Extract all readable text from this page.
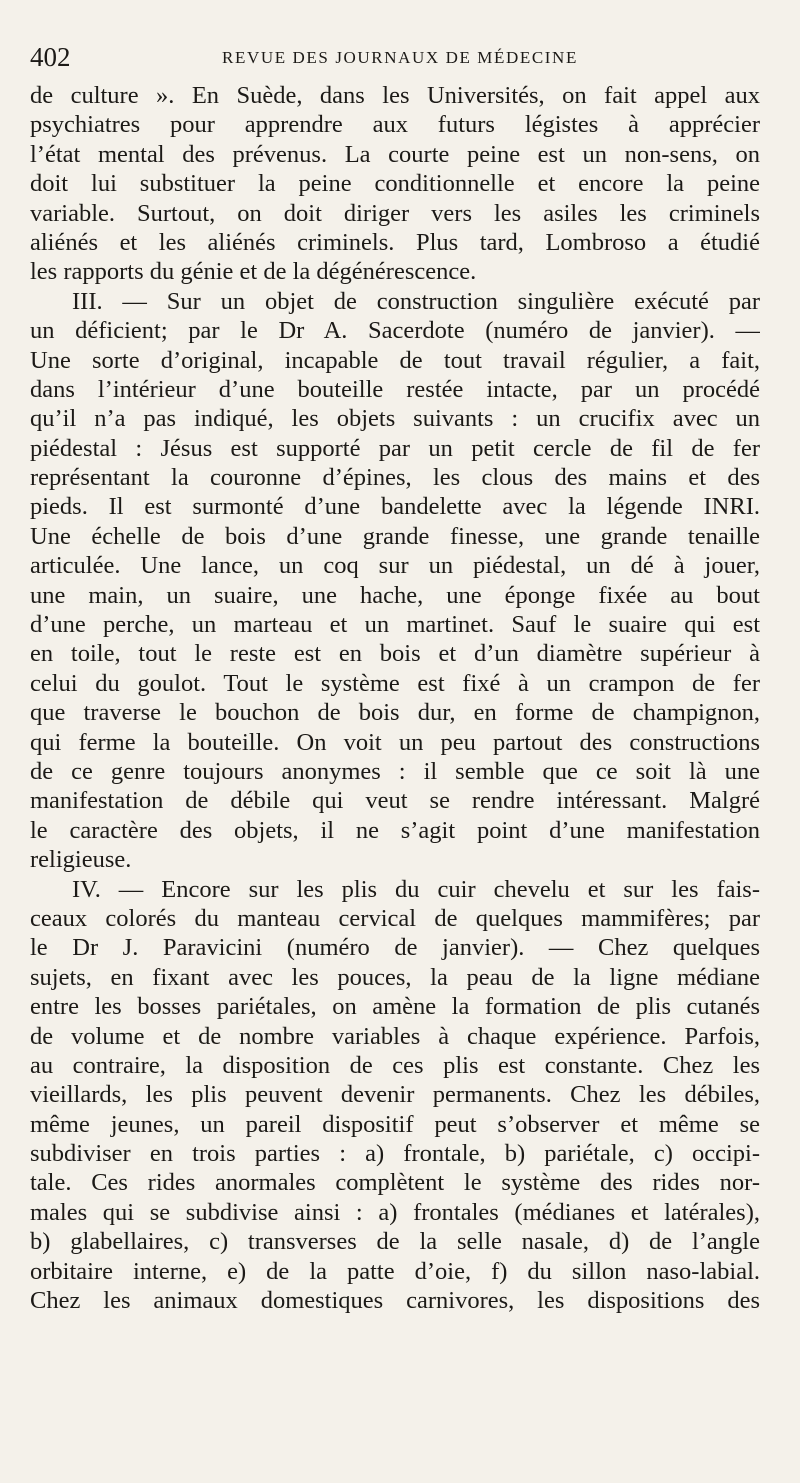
402	REVUE DES JOURNAUX DE MÉDECINE
de culture ». En Suède, dans les Universités, on fait appel aux
psychiatres pour apprendre aux futurs légistes à apprécier
l’état mental des prévenus. La courte peine est un non-sens, on
doit lui substituer la peine conditionnelle et encore la peine
variable. Surtout, on doit diriger vers les asiles les criminels
aliénés et les aliénés criminels. Plus tard, Lombroso a étudié
les rapports du génie et de la dégénérescence.
III. — Sur un objet de construction singulière exécuté par
un déficient; par le Dr A. Sacerdote (numéro de janvier). —
Une sorte d’original, incapable de tout travail régulier, a fait,
dans l’intérieur d’une bouteille restée intacte, par un procédé
qu’il n’a pas indiqué, les objets suivants : un crucifix avec un
piédestal : Jésus est supporté par un petit cercle de fil de fer
représentant la couronne d’épines, les clous des mains et des
pieds. Il est surmonté d’une bandelette avec la légende INRI.
Une échelle de bois d’une grande finesse, une grande tenaille
articulée. Une lance, un coq sur un piédestal, un dé à jouer,
une main, un suaire, une hache, une éponge fixée au bout
d’une perche, un marteau et un martinet. Sauf le suaire qui est
en toile, tout le reste est en bois et d’un diamètre supérieur à
celui du goulot. Tout le système est fixé à un crampon de fer
que traverse le bouchon de bois dur, en forme de champignon,
qui ferme la bouteille. On voit un peu partout des constructions
de ce genre toujours anonymes : il semble que ce soit là une
manifestation de débile qui veut se rendre intéressant. Malgré
le caractère des objets, il ne s’agit point d’une manifestation
religieuse.
IV. — Encore sur les plis du cuir chevelu et sur les fais-
ceaux colorés du manteau cervical de quelques mammifères; par
le Dr J. Paravicini (numéro de janvier). — Chez quelques
sujets, en fixant avec les pouces, la peau de la ligne médiane
entre les bosses pariétales, on amène la formation de plis cutanés
de volume et de nombre variables à chaque expérience. Parfois,
au contraire, la disposition de ces plis est constante. Chez les
vieillards, les plis peuvent devenir permanents. Chez les débiles,
même jeunes, un pareil dispositif peut s’observer et même se
subdiviser en trois parties : a) frontale, b) pariétale, c) occipi-
tale. Ces rides anormales complètent le système des rides nor-
males qui se subdivise ainsi : a) frontales (médianes et latérales),
b) glabellaires, c) transverses de la selle nasale, d) de l’angle
orbitaire interne, e) de la patte d’oie, f) du sillon naso-labial.
Chez les animaux domestiques carnivores, les dispositions des
